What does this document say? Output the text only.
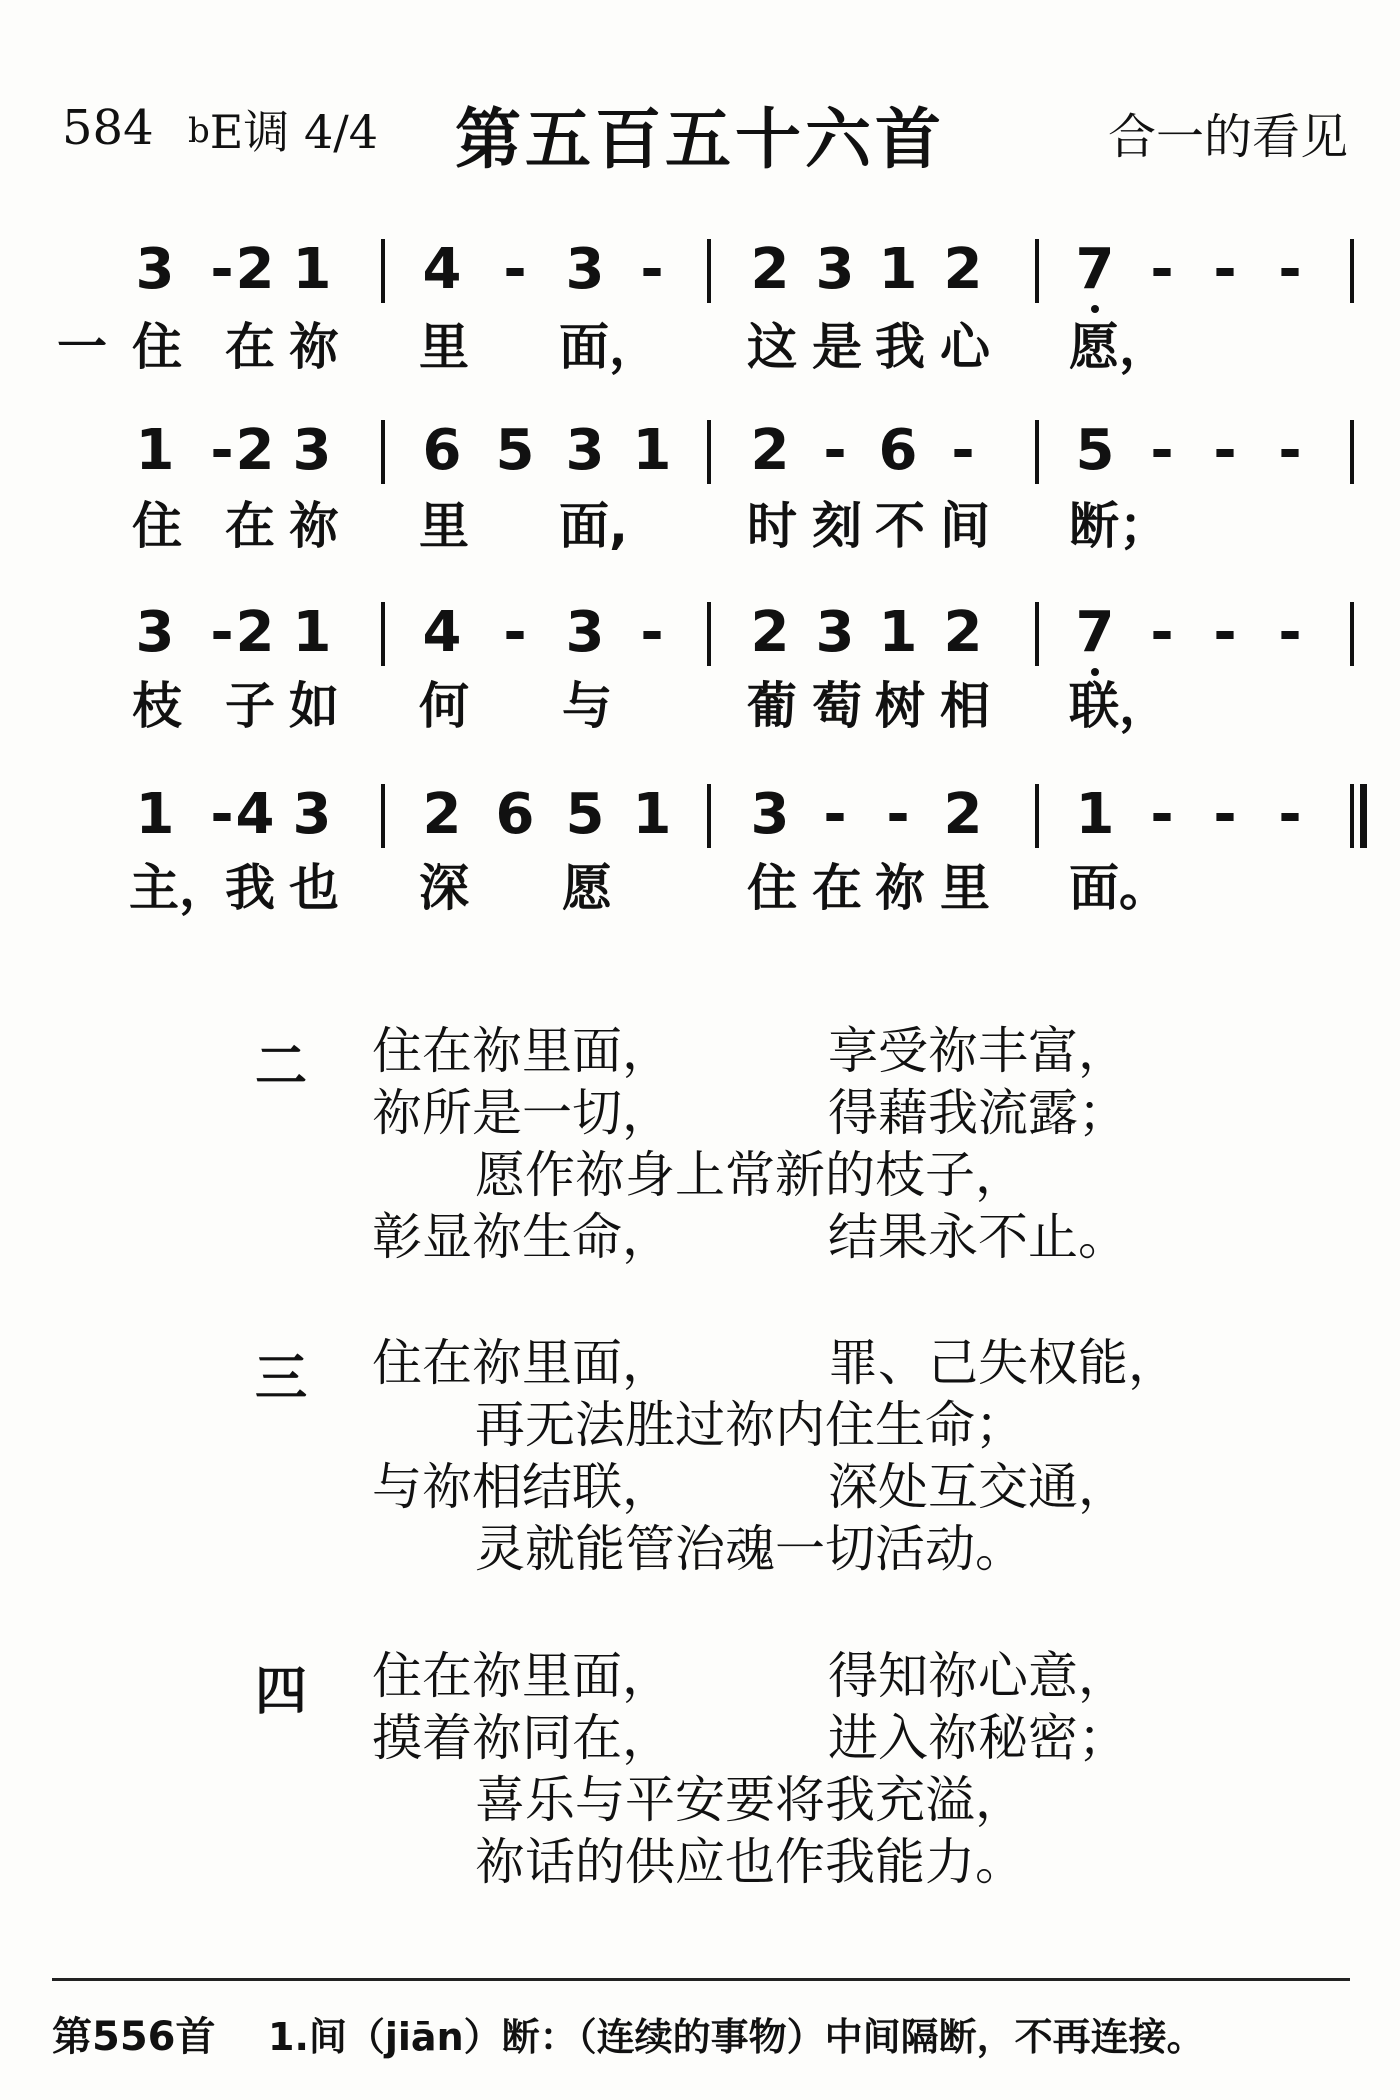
584 $^b$E调 4/4	第五百五十六首	合一的看见
3 - 2 1 4 - 3 - 2 3 1 2 7 - - -
一 住 在 祢 里 面， 这 是 我 心 愿，
1 - 2 3 6 5 3 1 2 - 6 - 5 - - -
住 在 祢 里 面,	时 刻 不 间 断；
3 - 2 1 4 - 3 - 2 3 1 2 7 - - -
枝 子 如 何 与	葡 萄 树 相 联，
1 - 4 3 2 6 5 1 3 - - 2 1 - - -
主，
我 也 深 愿	住 在 祢 里 面。
二 住在祢里面，	享受祢丰富，
祢所是一切，	得藉我流露；
愿作祢身上常新的枝子，
彰显祢生命，	结果永不止。
三 住在祢里面，	罪、己失权能，
再无法胜过祢内住生命；
与祢相结联，	深处互交通，
灵就能管治魂一切活动。
四 住在祢里面，	得知祢心意，
摸着祢同在，	进入祢秘密；
喜乐与平安要将我充溢，
祢话的供应也作我能力。
第556首 1.间（jiān）断：（连续的事物）中间隔断，不再连接。
